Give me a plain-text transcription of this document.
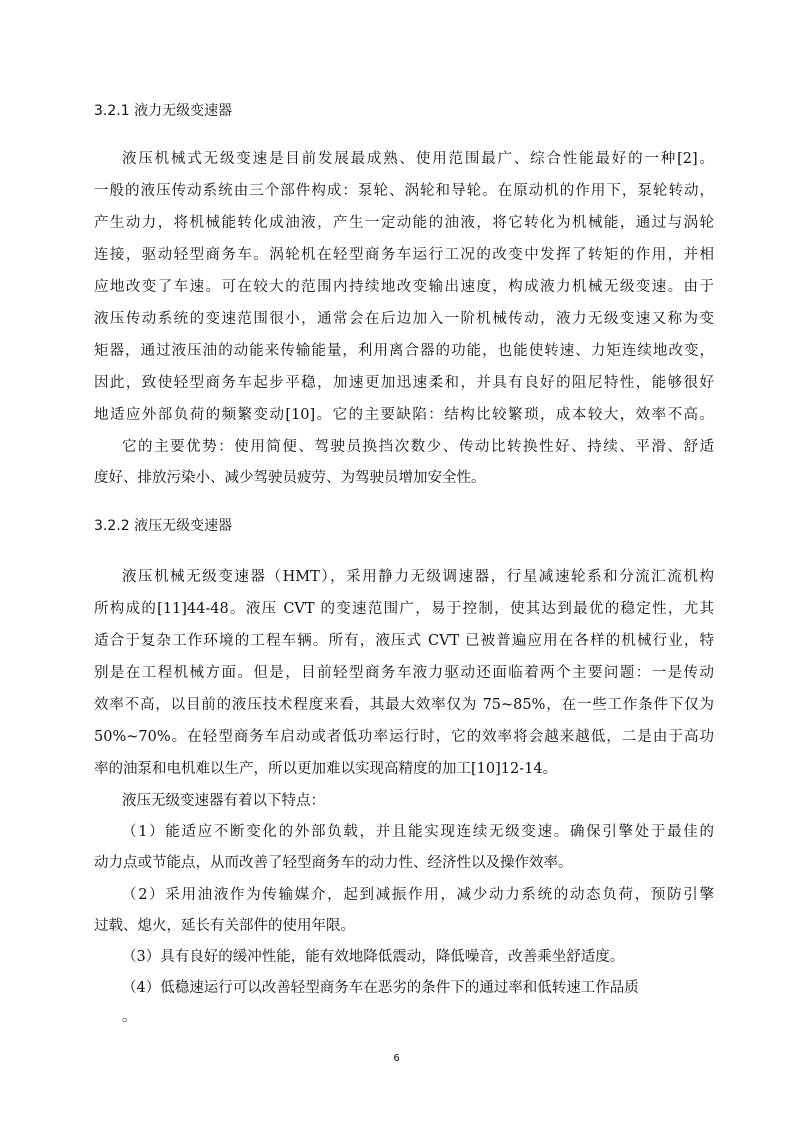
3.2.1 液力无级变速器
液压机械式无级变速是目前发展最成熟、使用范围最广、综合性能最好的一种[2]。
一般的液压传动系统由三个部件构成：泵轮、涡轮和导轮。在原动机的作用下，泵轮转动，
产生动力，将机械能转化成油液，产生一定动能的油液，将它转化为机械能，通过与涡轮
连接，驱动轻型商务车。涡轮机在轻型商务车运行工况的改变中发挥了转矩的作用，并相
应地改变了车速。可在较大的范围内持续地改变输出速度，构成液力机械无级变速。由于
液压传动系统的变速范围很小，通常会在后边加入一阶机械传动，液力无级变速又称为变
矩器，通过液压油的动能来传输能量，利用离合器的功能，也能使转速、力矩连续地改变，
因此，致使轻型商务车起步平稳，加速更加迅速柔和，并具有良好的阻尼特性，能够很好
地适应外部负荷的频繁变动[10]。它的主要缺陷：结构比较繁琐，成本较大，效率不高。
它的主要优势：使用简便、驾驶员换挡次数少、传动比转换性好、持续、平滑、舒适
度好、排放污染小、减少驾驶员疲劳、为驾驶员增加安全性。
3.2.2 液压无级变速器
液压机械无级变速器（HMT），采用静力无级调速器，行星减速轮系和分流汇流机构
所构成的[11]44-48。液压 CVT 的变速范围广，易于控制，使其达到最优的稳定性，尤其
适合于复杂工作环境的工程车辆。所有，液压式 CVT 已被普遍应用在各样的机械行业，特
别是在工程机械方面。但是，目前轻型商务车液力驱动还面临着两个主要问题：一是传动
效率不高，以目前的液压技术程度来看，其最大效率仅为 75~85%，在一些工作条件下仅为
50%~70%。在轻型商务车启动或者低功率运行时，它的效率将会越来越低，二是由于高功
率的油泵和电机难以生产，所以更加难以实现高精度的加工[10]12-14。
液压无级变速器有着以下特点：
（1）能适应不断变化的外部负载，并且能实现连续无级变速。确保引擎处于最佳的
动力点或节能点，从而改善了轻型商务车的动力性、经济性以及操作效率。
（2）采用油液作为传输媒介，起到减振作用，减少动力系统的动态负荷，预防引擎
过载、熄火，延长有关部件的使用年限。
（3）具有良好的缓冲性能，能有效地降低震动，降低噪音，改善乘坐舒适度。
（4）低稳速运行可以改善轻型商务车在恶劣的条件下的通过率和低转速工作品质
。
6
